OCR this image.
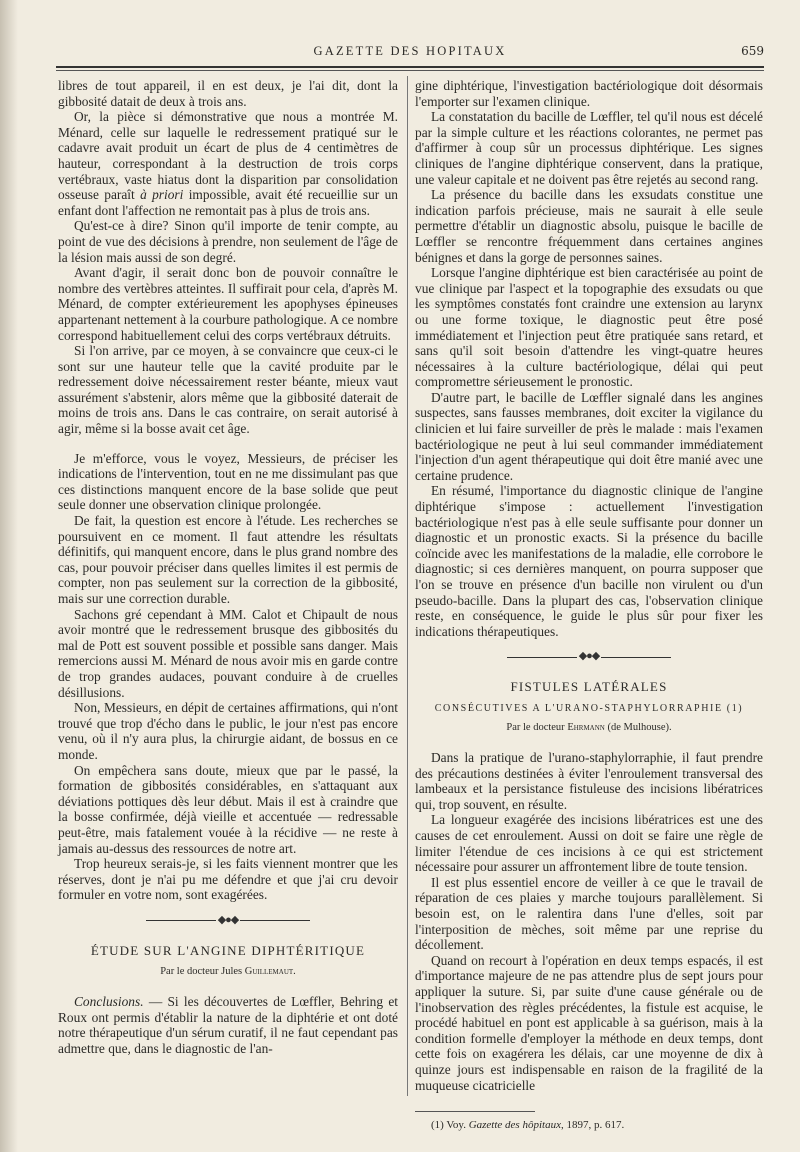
GAZETTE DES HOPITAUX	659

libres de tout appareil, il en est deux, je l'ai dit, dont la gibbosité datait de deux à trois ans.

Or, la pièce si démonstrative que nous a montrée M. Ménard, celle sur laquelle le redressement pratiqué sur le cadavre avait produit un écart de plus de 4 centimètres de hauteur, correspondant à la destruction de trois corps vertébraux, vaste hiatus dont la disparition par consolidation osseuse paraît à priori impossible, avait été recueillie sur un enfant dont l'affection ne remontait pas à plus de trois ans.

Qu'est-ce à dire? Sinon qu'il importe de tenir compte, au point de vue des décisions à prendre, non seulement de l'âge de la lésion mais aussi de son degré.

Avant d'agir, il serait donc bon de pouvoir connaître le nombre des vertèbres atteintes. Il suffirait pour cela, d'après M. Ménard, de compter extérieurement les apophyses épineuses appartenant nettement à la courbure pathologique. A ce nombre correspond habituellement celui des corps vertébraux détruits.

Si l'on arrive, par ce moyen, à se convaincre que ceux-ci le sont sur une hauteur telle que la cavité produite par le redressement doive nécessairement rester béante, mieux vaut assurément s'abstenir, alors même que la gibbosité daterait de moins de trois ans. Dans le cas contraire, on serait autorisé à agir, même si la bosse avait cet âge.

Je m'efforce, vous le voyez, Messieurs, de préciser les indications de l'intervention, tout en ne me dissimulant pas que ces distinctions manquent encore de la base solide que peut seule donner une observation clinique prolongée.

De fait, la question est encore à l'étude. Les recherches se poursuivent en ce moment. Il faut attendre les résultats définitifs, qui manquent encore, dans le plus grand nombre des cas, pour pouvoir préciser dans quelles limites il est permis de compter, non pas seulement sur la correction de la gibbosité, mais sur une correction durable.

Sachons gré cependant à MM. Calot et Chipault de nous avoir montré que le redressement brusque des gibbosités du mal de Pott est souvent possible et possible sans danger. Mais remercions aussi M. Ménard de nous avoir mis en garde contre de trop grandes audaces, pouvant conduire à de cruelles désillusions.

Non, Messieurs, en dépit de certaines affirmations, qui n'ont trouvé que trop d'écho dans le public, le jour n'est pas encore venu, où il n'y aura plus, la chirurgie aidant, de bossus en ce monde.

On empêchera sans doute, mieux que par le passé, la formation de gibbosités considérables, en s'attaquant aux déviations pottiques dès leur début. Mais il est à craindre que la bosse confirmée, déjà vieille et accentuée — redressable peut-être, mais fatalement vouée à la récidive — ne reste à jamais au-dessus des ressources de notre art.

Trop heureux serais-je, si les faits viennent montrer que les réserves, dont je n'ai pu me défendre et que j'ai cru devoir formuler en votre nom, sont exagérées.

◆●◆
ÉTUDE SUR L'ANGINE DIPHTÉRITIQUE
Par le docteur Jules Guillemaut.

Conclusions. — Si les découvertes de Lœffler, Behring et Roux ont permis d'établir la nature de la diphtérie et ont doté notre thérapeutique d'un sérum curatif, il ne faut cependant pas admettre que, dans le diagnostic de l'an-

gine diphtérique, l'investigation bactériologique doit désormais l'emporter sur l'examen clinique.

La constatation du bacille de Lœffler, tel qu'il nous est décelé par la simple culture et les réactions colorantes, ne permet pas d'affirmer à coup sûr un processus diphtérique. Les signes cliniques de l'angine diphtérique conservent, dans la pratique, une valeur capitale et ne doivent pas être rejetés au second rang.

La présence du bacille dans les exsudats constitue une indication parfois précieuse, mais ne saurait à elle seule permettre d'établir un diagnostic absolu, puisque le bacille de Lœffler se rencontre fréquemment dans certaines angines bénignes et dans la gorge de personnes saines.

Lorsque l'angine diphtérique est bien caractérisée au point de vue clinique par l'aspect et la topographie des exsudats ou que les symptômes constatés font craindre une extension au larynx ou une forme toxique, le diagnostic peut être posé immédiatement et l'injection peut être pratiquée sans retard, et sans qu'il soit besoin d'attendre les vingt-quatre heures nécessaires à la culture bactériologique, délai qui peut compromettre sérieusement le pronostic.

D'autre part, le bacille de Lœffler signalé dans les angines suspectes, sans fausses membranes, doit exciter la vigilance du clinicien et lui faire surveiller de près le malade : mais l'examen bactériologique ne peut à lui seul commander immédiatement l'injection d'un agent thérapeutique qui doit être manié avec une certaine prudence.

En résumé, l'importance du diagnostic clinique de l'angine diphtérique s'impose : actuellement l'investigation bactériologique n'est pas à elle seule suffisante pour donner un diagnostic et un pronostic exacts. Si la présence du bacille coïncide avec les manifestations de la maladie, elle corrobore le diagnostic; si ces dernières manquent, on pourra supposer que l'on se trouve en présence d'un bacille non virulent ou d'un pseudo-bacille. Dans la plupart des cas, l'observation clinique reste, en conséquence, le guide le plus sûr pour fixer les indications thérapeutiques.

◆●◆
FISTULES LATÉRALES
CONSÉCUTIVES A L'URANO-STAPHYLORRAPHIE (1)
Par le docteur Ehrmann (de Mulhouse).

Dans la pratique de l'urano-staphylorraphie, il faut prendre des précautions destinées à éviter l'enroulement transversal des lambeaux et la persistance fistuleuse des incisions libératrices qui, trop souvent, en résulte.

La longueur exagérée des incisions libératrices est une des causes de cet enroulement. Aussi on doit se faire une règle de limiter l'étendue de ces incisions à ce qui est strictement nécessaire pour assurer un affrontement libre de toute tension.

Il est plus essentiel encore de veiller à ce que le travail de réparation de ces plaies y marche toujours parallèlement. Si besoin est, on le ralentira dans l'une d'elles, soit par l'interposition de mèches, soit même par une reprise du décollement.

Quand on recourt à l'opération en deux temps espacés, il est d'importance majeure de ne pas attendre plus de sept jours pour appliquer la suture. Si, par suite d'une cause générale ou de l'inobservation des règles précédentes, la fistule est acquise, le procédé habituel en pont est applicable à sa guérison, mais à la condition formelle d'employer la méthode en deux temps, dont cette fois on exagérera les délais, car une moyenne de dix à quinze jours est indispensable en raison de la fragilité de la muqueuse cicatricielle

(1) Voy. Gazette des hôpitaux, 1897, p. 617.
